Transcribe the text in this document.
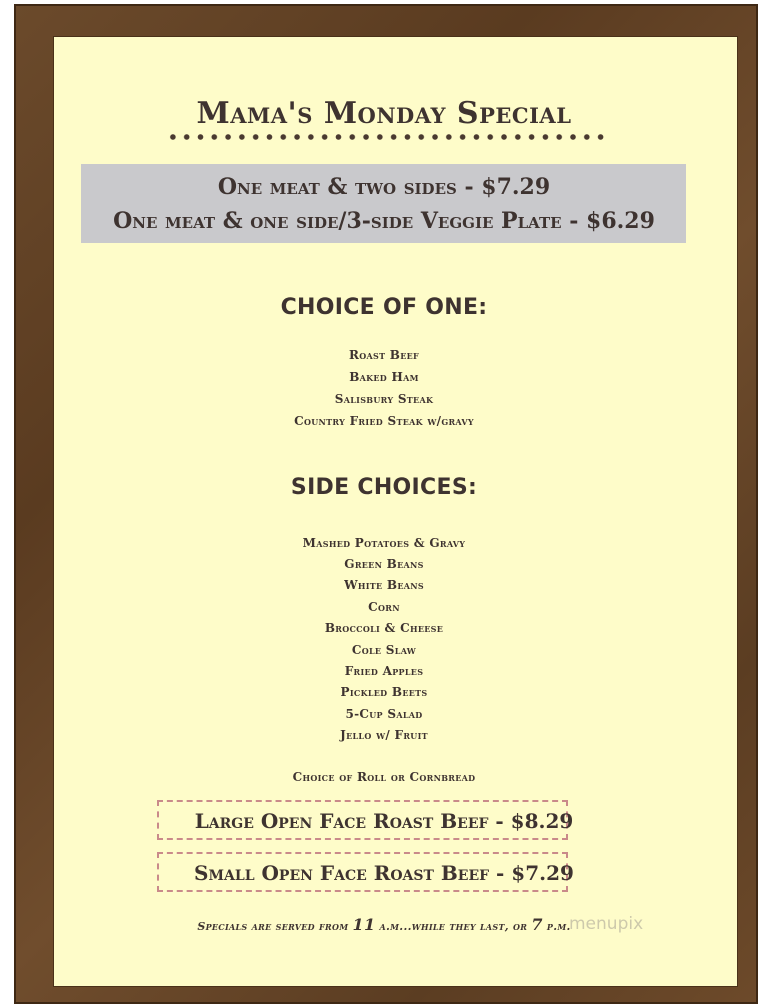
Mama's Monday Special
One meat & two sides - $7.29
One meat & one side/3-side Veggie Plate - $6.29
CHOICE OF ONE:
Roast Beef
Baked Ham
Salisbury Steak
Country Fried Steak w/gravy
SIDE CHOICES:
Mashed Potatoes & Gravy
Green Beans
White Beans
Corn
Broccoli & Cheese
Cole Slaw
Fried Apples
Pickled Beets
5-Cup Salad
Jello w/ Fruit
Choice of Roll or Cornbread
Large Open Face Roast Beef - $8.29
Small Open Face Roast Beef - $7.29
Specials are served from 11 a.m...while they last, or 7 p.m.
menupix
